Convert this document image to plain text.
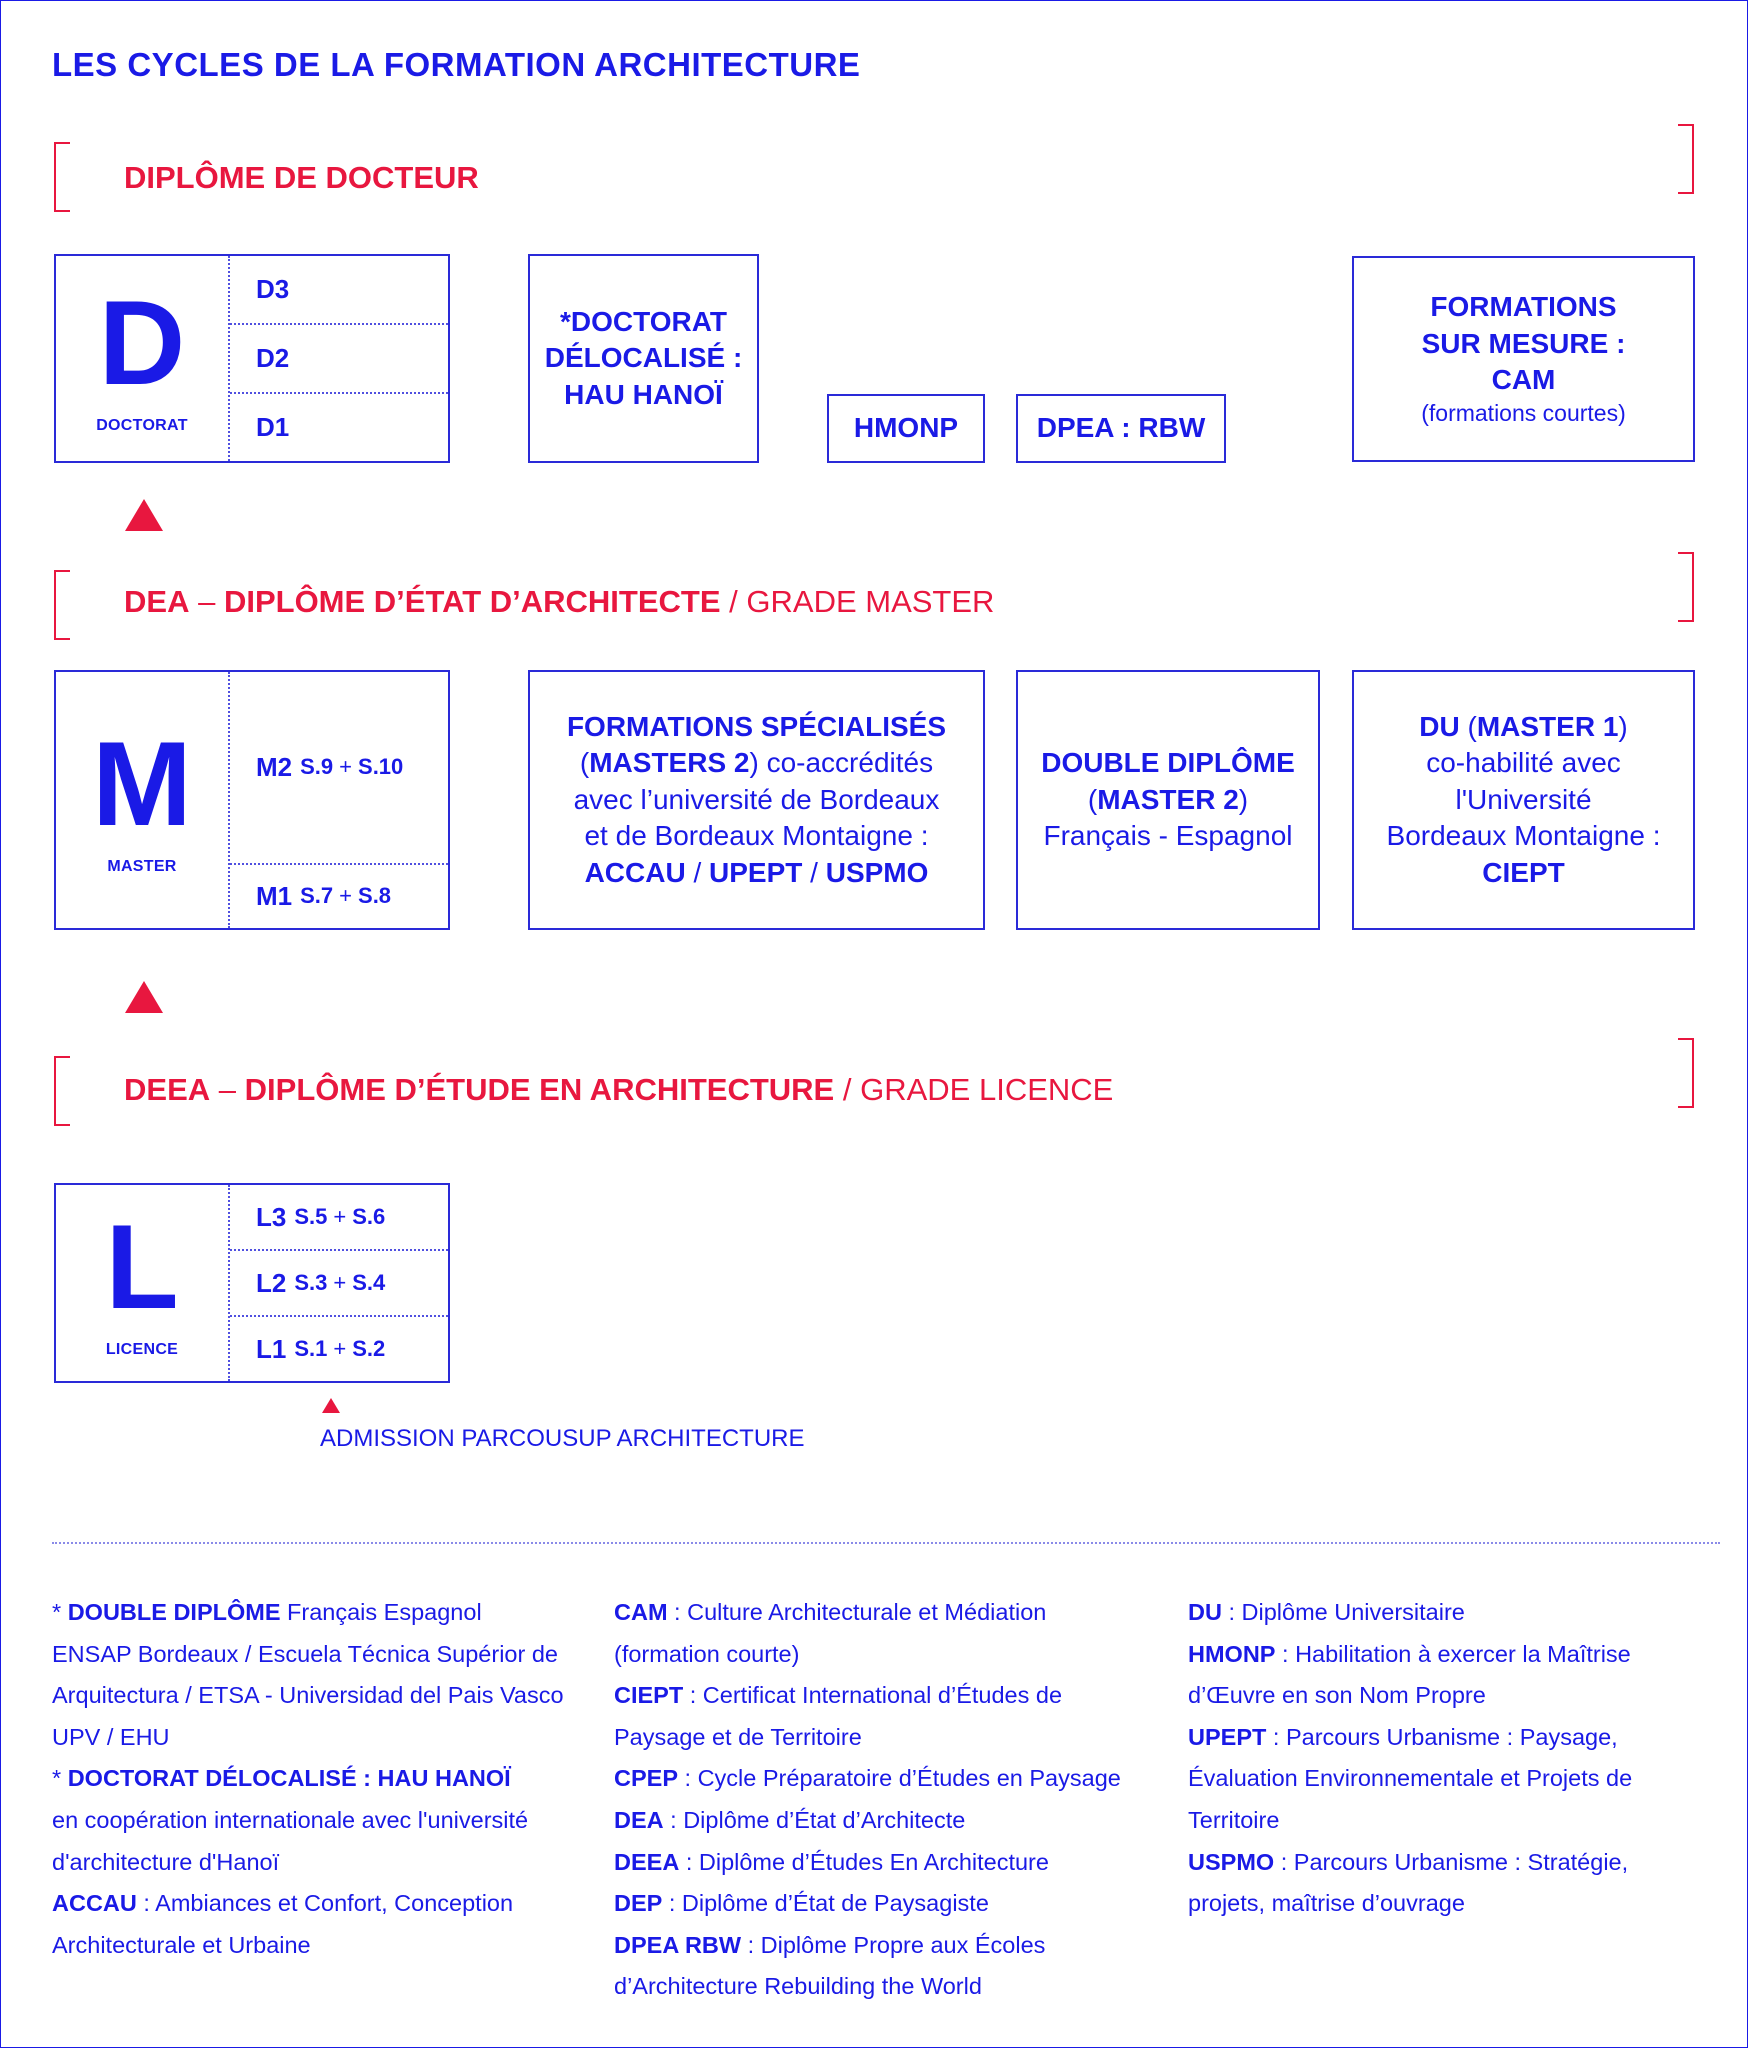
LES CYCLES DE LA FORMATION ARCHITECTURE
DIPLÔME DE DOCTEUR
D
DOCTORAT
D3
D2
D1
*DOCTORAT
DÉLOCALISÉ :
HAU HANOÏ
HMONP	DPEA : RBW
FORMATIONS
SUR MESURE :
CAM
(formations courtes)
DEA – DIPLÔME D’ÉTAT D’ARCHITECTE / GRADE MASTER
M
MASTER
M2 S.9 + S.10
M1 S.7 + S.8
FORMATIONS SPÉCIALISÉS
(MASTERS 2) co-accrédités
avec l’université de Bordeaux
et de Bordeaux Montaigne :
ACCAU / UPEPT / USPMO
DOUBLE DIPLÔME
(MASTER 2)
Français - Espagnol
DU (MASTER 1)
co-habilité avec
l'Université
Bordeaux Montaigne :
CIEPT
DEEA – DIPLÔME D’ÉTUDE EN ARCHITECTURE / GRADE LICENCE
L
LICENCE
L3 S.5 + S.6
L2 S.3 + S.4
L1 S.1 + S.2
ADMISSION PARCOUSUP ARCHITECTURE
* DOUBLE DIPLÔME Français Espagnol
ENSAP Bordeaux / Escuela Técnica Supérior de
Arquitectura / ETSA - Universidad del Pais Vasco
UPV / EHU
* DOCTORAT DÉLOCALISÉ : HAU HANOÏ
en coopération internationale avec l'université
d'architecture d'Hanoï
ACCAU : Ambiances et Confort, Conception
Architecturale et Urbaine
CAM : Culture Architecturale et Médiation
(formation courte)
CIEPT : Certificat International d’Études de
Paysage et de Territoire
CPEP : Cycle Préparatoire d’Études en Paysage
DEA : Diplôme d’État d’Architecte
DEEA : Diplôme d’Études En Architecture
DEP : Diplôme d’État de Paysagiste
DPEA RBW : Diplôme Propre aux Écoles
d’Architecture Rebuilding the World
DU : Diplôme Universitaire
HMONP : Habilitation à exercer la Maîtrise
d’Œuvre en son Nom Propre
UPEPT : Parcours Urbanisme : Paysage,
Évaluation Environnementale et Projets de
Territoire
USPMO : Parcours Urbanisme : Stratégie,
projets, maîtrise d’ouvrage
